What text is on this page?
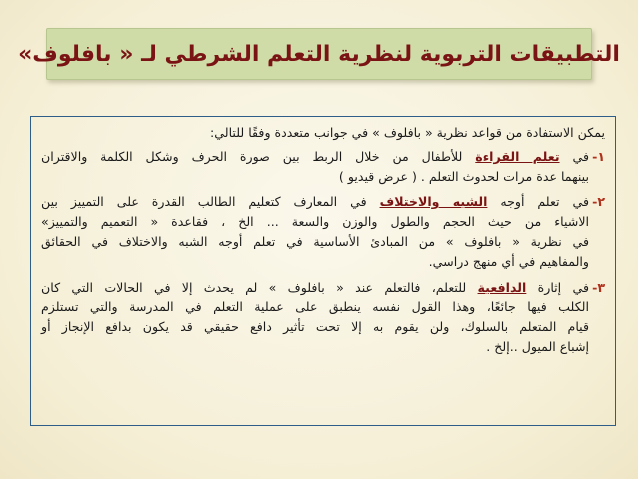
التطبيقات التربوية لنظرية التعلم الشرطي لـ « بافلوف»
يمكن الاستفادة من قواعد نظرية « بافلوف » في جوانب متعددة وفقًا للتالي:
١-
في تعلم القراءة للأطفال من خلال الربط بين صورة الحرف وشكل الكلمة والاقتران
بينهما عدة مرات لحدوث التعلم . ( عرض قيديو )
٢-
في تعلم أوجه الشبه والاختلاف في المعارف كتعليم الطالب القدرة على التمييز بين
الاشياء من حيث الحجم والطول والوزن والسعة ... الخ ، فقاعدة « التعميم والتمييز»
في نظرية « بافلوف » من المبادئ الأساسية في تعلم أوجه الشبه والاختلاف في الحقائق
والمفاهيم في أي منهج دراسي.
٣-
في إثارة الدافعية للتعلم، فالتعلم عند « بافلوف » لم يحدث إلا في الحالات التي كان
الكلب فيها جائعًا، وهذا القول نفسه ينطبق على عملية التعلم في المدرسة والتي تستلزم
قيام المتعلم بالسلوك، ولن يقوم به إلا تحت تأثير دافع حقيقي قد يكون بدافع الإنجاز أو
إشباع الميول ..إلخ .
